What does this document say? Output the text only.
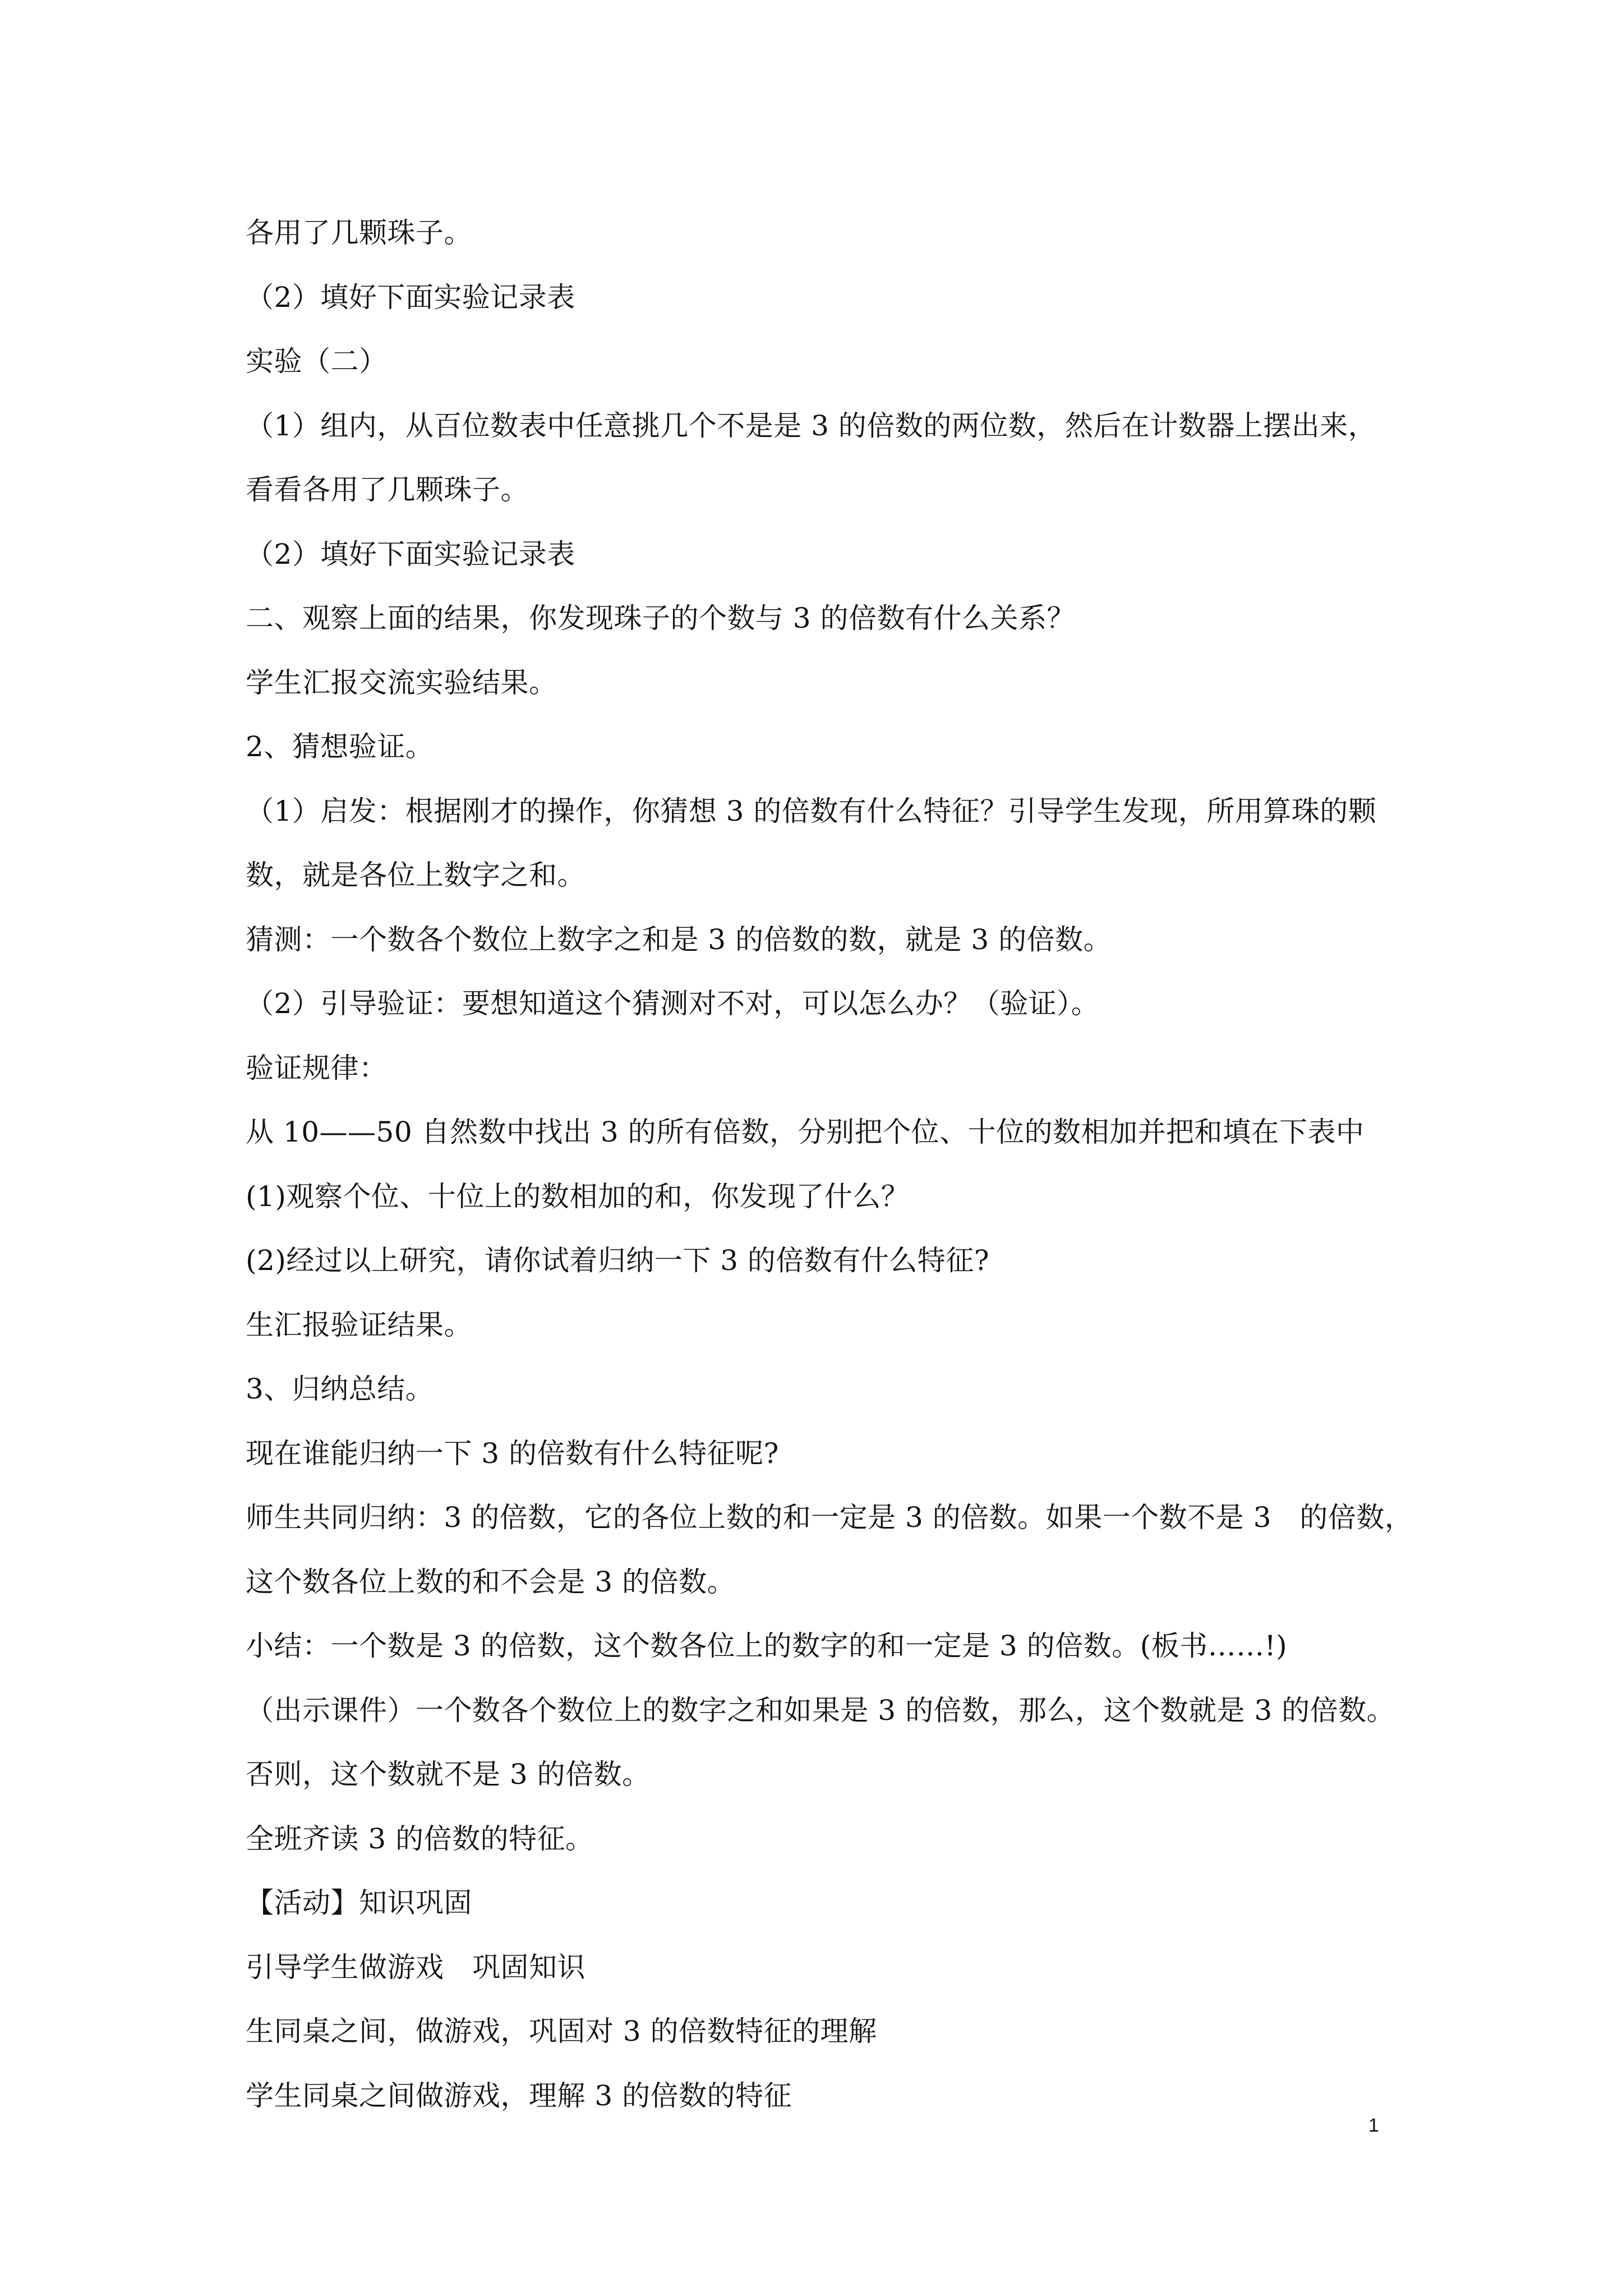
各用了几颗珠子。

（2）填好下面实验记录表

实验（二）

（1）组内，从百位数表中任意挑几个不是是 3 的倍数的两位数，然后在计数器上摆出来，

看看各用了几颗珠子。

（2）填好下面实验记录表

二、观察上面的结果，你发现珠子的个数与 3 的倍数有什么关系？

学生汇报交流实验结果。

2、猜想验证。

（1）启发：根据刚才的操作，你猜想 3 的倍数有什么特征？引导学生发现，所用算珠的颗

数，就是各位上数字之和。

猜测：一个数各个数位上数字之和是 3 的倍数的数，就是 3 的倍数。

（2）引导验证：要想知道这个猜测对不对，可以怎么办？（验证）。

验证规律：

从 10——50 自然数中找出 3 的所有倍数，分别把个位、十位的数相加并把和填在下表中

(1)观察个位、十位上的数相加的和，你发现了什么？

(2)经过以上研究，请你试着归纳一下 3 的倍数有什么特征?

生汇报验证结果。

3、归纳总结。

现在谁能归纳一下 3 的倍数有什么特征呢?

师生共同归纳：3 的倍数，它的各位上数的和一定是 3 的倍数。如果一个数不是 3　的倍数，

这个数各位上数的和不会是 3 的倍数。

小结：一个数是 3 的倍数，这个数各位上的数字的和一定是 3 的倍数。(板书……!)

（出示课件）一个数各个数位上的数字之和如果是 3 的倍数，那么，这个数就是 3 的倍数。

否则，这个数就不是 3 的倍数。

全班齐读 3 的倍数的特征。

【活动】知识巩固

引导学生做游戏　巩固知识

生同桌之间，做游戏，巩固对 3 的倍数特征的理解

学生同桌之间做游戏，理解 3 的倍数的特征

1
